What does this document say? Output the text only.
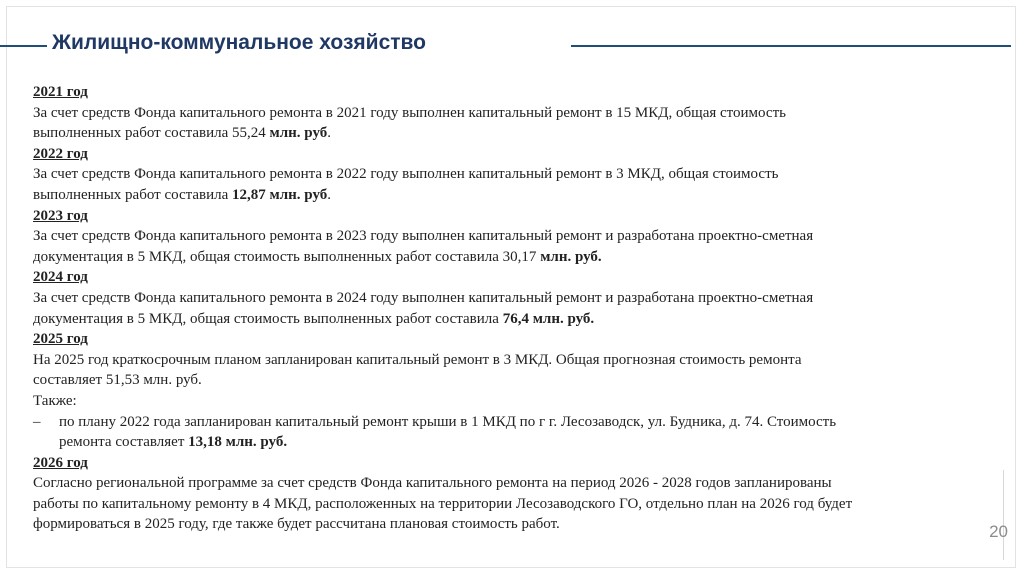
Жилищно-коммунальное хозяйство
2021 год
За счет средств Фонда капитального ремонта в 2021 году выполнен капитальный ремонт в 15 МКД, общая стоимость
выполненных работ составила 55,24 млн. руб.
2022 год
За счет средств Фонда капитального ремонта в 2022 году выполнен капитальный ремонт в 3 МКД, общая стоимость
выполненных работ составила 12,87 млн. руб.
2023 год
За счет средств Фонда капитального ремонта в 2023 году выполнен капитальный ремонт и разработана проектно-сметная
документация в 5 МКД, общая стоимость выполненных работ составила 30,17 млн. руб.
2024 год
За счет средств Фонда капитального ремонта в 2024 году выполнен капитальный ремонт и разработана проектно-сметная
документация в 5 МКД, общая стоимость выполненных работ составила 76,4 млн. руб.
2025 год
На 2025 год краткосрочным планом запланирован капитальный ремонт в 3 МКД. Общая прогнозная стоимость ремонта
составляет 51,53 млн. руб.
Также:
–	по плану 2022 года запланирован капитальный ремонт крыши в 1 МКД по г г. Лесозаводск, ул. Будника, д. 74. Стоимость
ремонта составляет 13,18 млн. руб.
2026 год
Согласно региональной программе за счет средств Фонда капитального ремонта на период 2026 - 2028 годов запланированы
работы по капитальному ремонту в 4 МКД, расположенных на территории Лесозаводского ГО, отдельно план на 2026 год будет
формироваться в 2025 году, где также будет рассчитана плановая стоимость работ.	20
